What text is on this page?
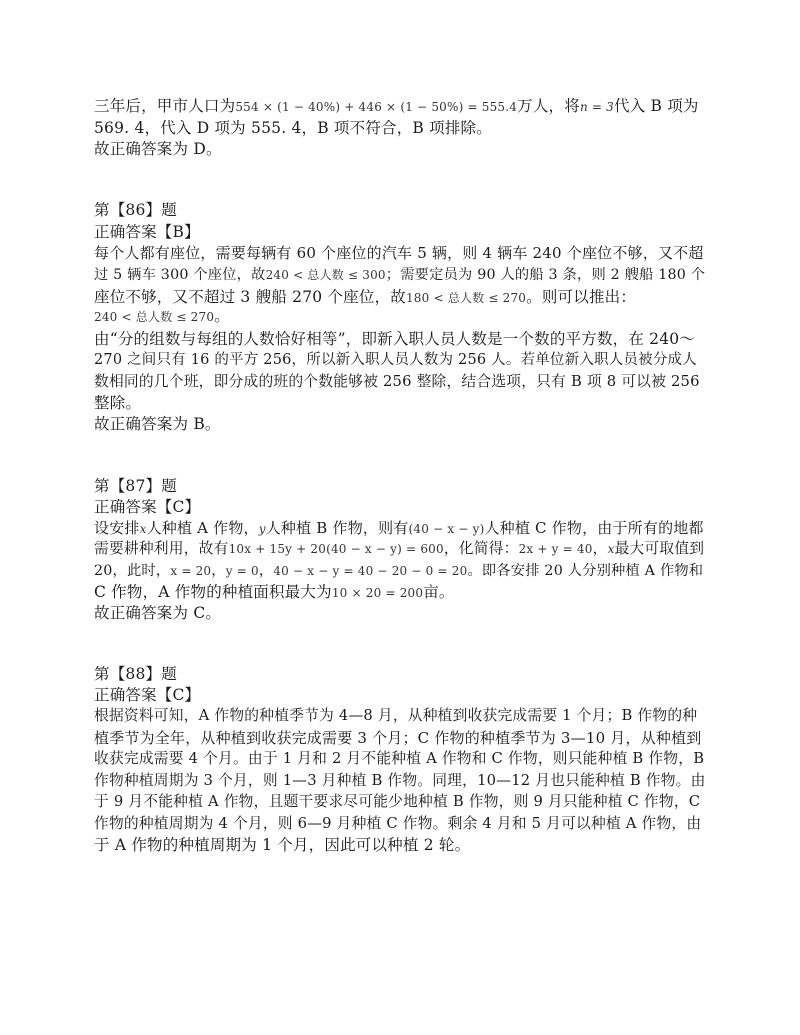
三年后，甲市人口为554 × (1 − 40%) + 446 × (1 − 50%) = 555.4万人，将n = 3代入 B 项为
569. 4，代入 D 项为 555. 4，B 项不符合，B 项排除。
故正确答案为 D。
第【86】题
正确答案【B】
每个人都有座位，需要每辆有 60 个座位的汽车 5 辆，则 4 辆车 240 个座位不够，又不超
过 5 辆车 300 个座位，故240 < 总人数 ≤ 300；需要定员为 90 人的船 3 条，则 2 艘船 180 个
座位不够，又不超过 3 艘船 270 个座位，故180 < 总人数 ≤ 270。则可以推出：
240 < 总人数 ≤ 270。
由“分的组数与每组的人数恰好相等”，即新入职人员人数是一个数的平方数，在 240～
270 之间只有 16 的平方 256，所以新入职人员人数为 256 人。若单位新入职人员被分成人
数相同的几个班，即分成的班的个数能够被 256 整除，结合选项，只有 B 项 8 可以被 256
整除。
故正确答案为 B。
第【87】题
正确答案【C】
设安排x人种植 A 作物，y人种植 B 作物，则有(40 − x − y)人种植 C 作物，由于所有的地都
需要耕种利用，故有10x + 15y + 20(40 − x − y) = 600，化简得：2x + y = 40，x最大可取值到
20，此时，x = 20，y = 0，40 − x − y = 40 − 20 − 0 = 20。即各安排 20 人分别种植 A 作物和
C 作物，A 作物的种植面积最大为10 × 20 = 200亩。
故正确答案为 C。
第【88】题
正确答案【C】
根据资料可知，A 作物的种植季节为 4—8 月，从种植到收获完成需要 1 个月；B 作物的种
植季节为全年，从种植到收获完成需要 3 个月；C 作物的种植季节为 3—10 月，从种植到
收获完成需要 4 个月。由于 1 月和 2 月不能种植 A 作物和 C 作物，则只能种植 B 作物，B
作物种植周期为 3 个月，则 1—3 月种植 B 作物。同理，10—12 月也只能种植 B 作物。由
于 9 月不能种植 A 作物，且题干要求尽可能少地种植 B 作物，则 9 月只能种植 C 作物，C
作物的种植周期为 4 个月，则 6—9 月种植 C 作物。剩余 4 月和 5 月可以种植 A 作物，由
于 A 作物的种植周期为 1 个月，因此可以种植 2 轮。
